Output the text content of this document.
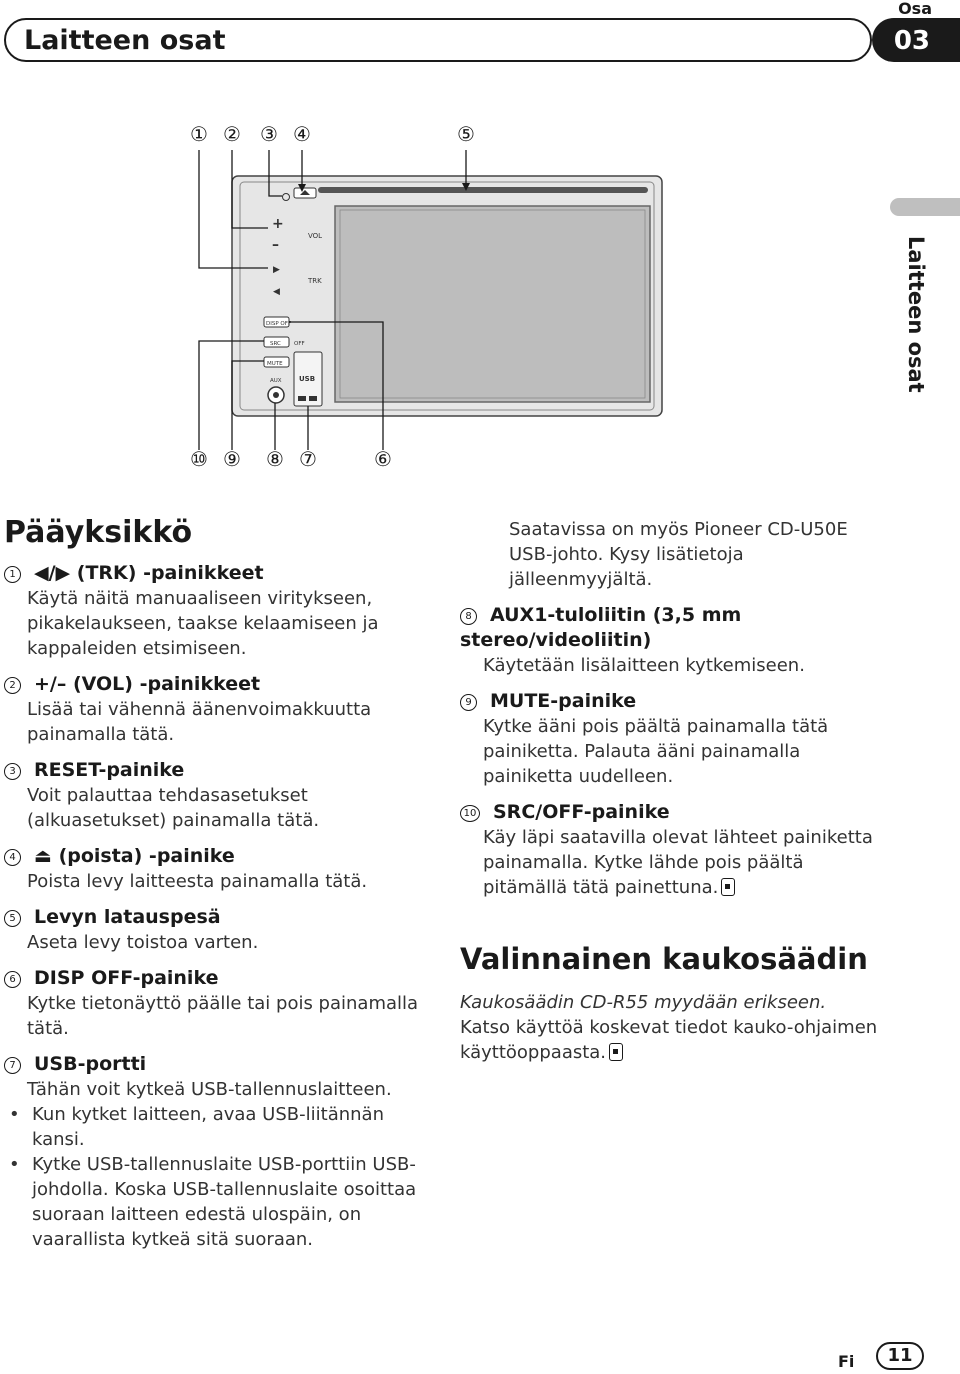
Laitteen osat
Osa
03
Laitteen osat
① ② ③ ④	⑤
⑩ ⑨ ⑧ ⑦	⑥
+
–
VOL
▶
◀
TRK
DISP OFF
SRC OFF
MUTE
AUX USB
Pääyksikkö
1 ◀/▶ (TRK) -painikkeet
Käytä näitä manuaaliseen viritykseen, pikakelaukseen, taakse kelaamiseen ja kappaleiden etsimiseen.
2 +/– (VOL) -painikkeet
Lisää tai vähennä äänenvoimakkuutta painamalla tätä.
3 RESET-painike
Voit palauttaa tehdasasetukset (alkuasetukset) painamalla tätä.
4 ⏏ (poista) -painike
Poista levy laitteesta painamalla tätä.
5 Levyn latauspesä
Aseta levy toistoa varten.
6 DISP OFF-painike
Kytke tietonäyttö päälle tai pois painamalla tätä.
7 USB-portti
Tähän voit kytkeä USB-tallennuslaitteen.
• Kun kytket laitteen, avaa USB-liitännän kansi.
• Kytke USB-tallennuslaite USB-porttiin USB-johdolla. Koska USB-tallennuslaite osoittaa suoraan laitteen edestä ulospäin, on vaarallista kytkeä sitä suoraan.
Saatavissa on myös Pioneer CD-U50E USB-johto. Kysy lisätietoja jälleenmyyjältä.
8 AUX1-tuloliitin (3,5 mm stereo/videoliitin)
Käytetään lisälaitteen kytkemiseen.
9 MUTE-painike
Kytke ääni pois päältä painamalla tätä painiketta. Palauta ääni painamalla painiketta uudelleen.
10 SRC/OFF-painike
Käy läpi saatavilla olevat lähteet painiketta painamalla. Kytke lähde pois päältä pitämällä tätä painettuna.
Valinnainen kaukosäädin
Kaukosäädin CD-R55 myydään erikseen.
Katso käyttöä koskevat tiedot kauko-ohjaimen käyttöoppaasta.
Fi	11
